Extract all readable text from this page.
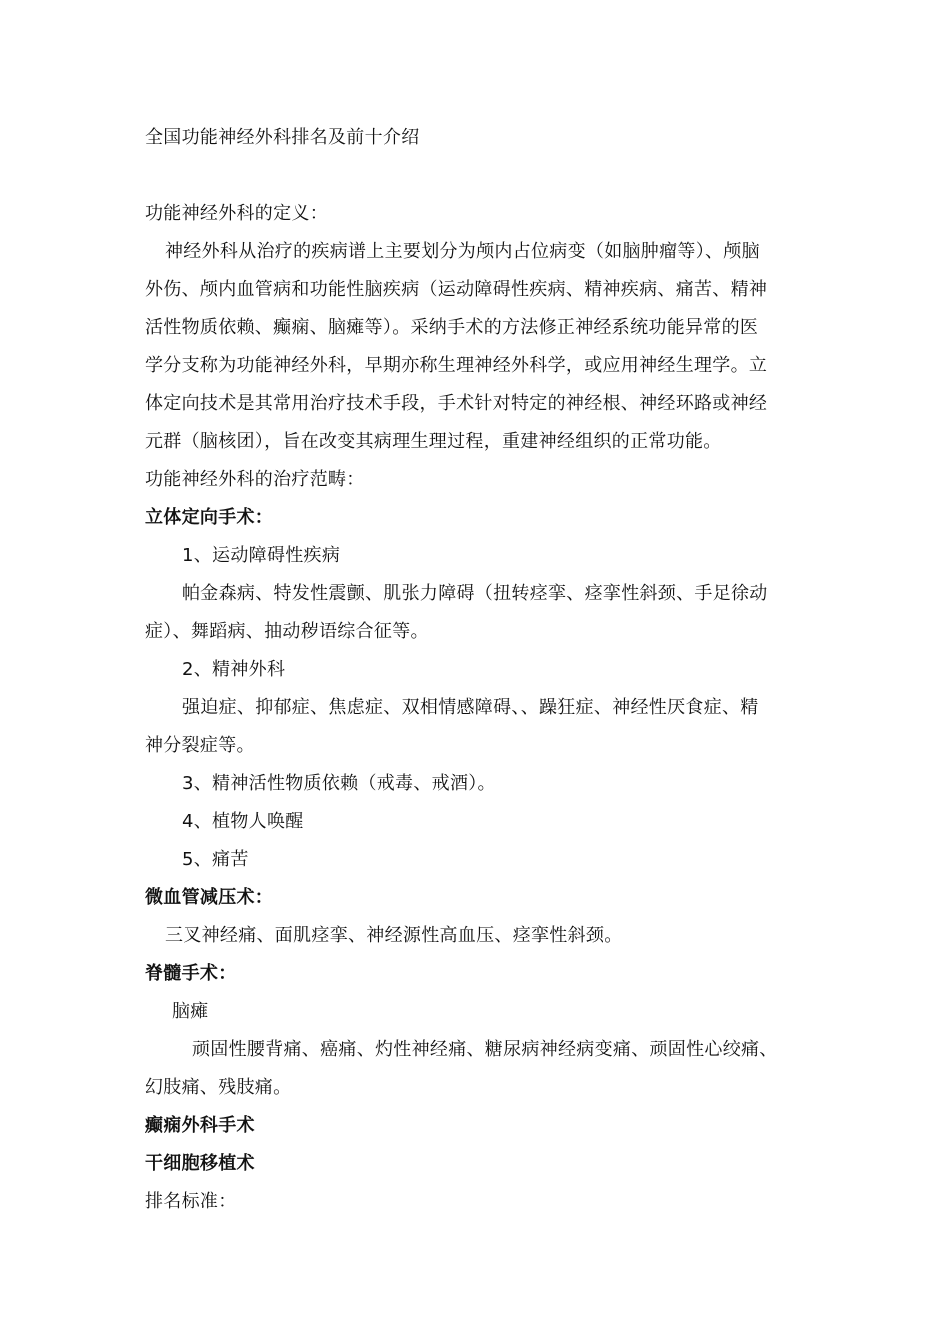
全国功能神经外科排名及前十介绍

功能神经外科的定义：

神经外科从治疗的疾病谱上主要划分为颅内占位病变（如脑肿瘤等）、颅脑

外伤、颅内血管病和功能性脑疾病（运动障碍性疾病、精神疾病、痛苦、精神

活性物质依赖、癫痫、脑瘫等）。采纳手术的方法修正神经系统功能异常的医

学分支称为功能神经外科，早期亦称生理神经外科学，或应用神经生理学。立

体定向技术是其常用治疗技术手段，手术针对特定的神经根、神经环路或神经

元群（脑核团），旨在改变其病理生理过程，重建神经组织的正常功能。

功能神经外科的治疗范畴：

立体定向手术：

1、运动障碍性疾病

帕金森病、特发性震颤、肌张力障碍（扭转痉挛、痉挛性斜颈、手足徐动

症）、舞蹈病、抽动秽语综合征等。

2、精神外科

强迫症、抑郁症、焦虑症、双相情感障碍、、躁狂症、神经性厌食症、精

神分裂症等。

3、精神活性物质依赖（戒毒、戒酒）。

4、植物人唤醒

5、痛苦

微血管减压术：

三叉神经痛、面肌痉挛、神经源性高血压、痉挛性斜颈。

脊髓手术：

脑瘫

顽固性腰背痛、癌痛、灼性神经痛、糖尿病神经病变痛、顽固性心绞痛、

幻肢痛、残肢痛。

癫痫外科手术

干细胞移植术

排名标准：
